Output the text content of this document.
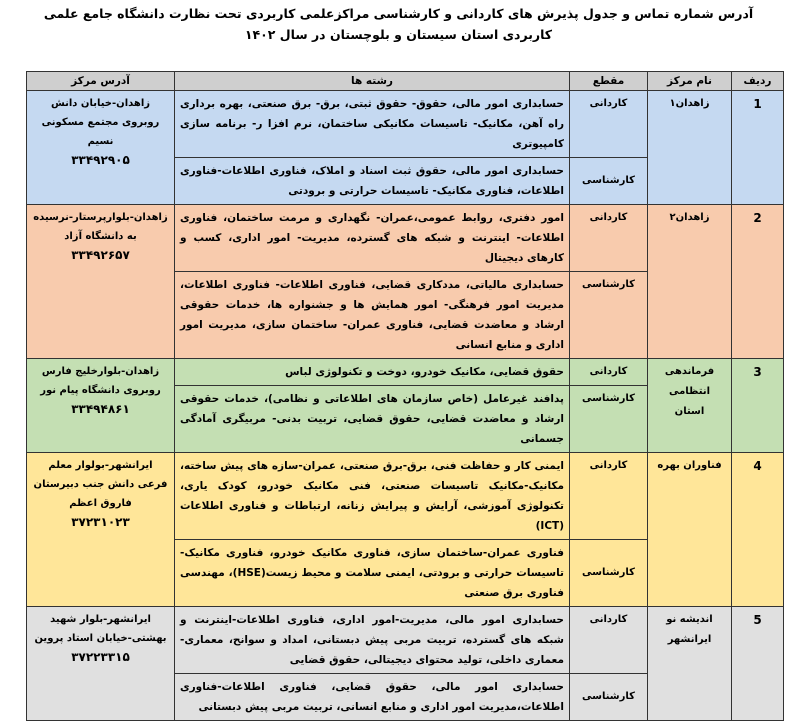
آدرس شماره تماس و جدول پذیرش های کاردانی و کارشناسی مراکزعلمی کاربردی تحت نظارت دانشگاه جامع علمی
کاربردی استان سیستان و بلوچستان در سال ۱۴۰۲
ردیف	نام مرکز	مقطع	رشته ها	آدرس مرکز
1	زاهدان۱	کاردانی	حسابداری امور مالی، حقوق- حقوق ثبتی، برق- برق صنعتی، بهره برداری راه آهن، مکانیک- تاسیسات مکانیکی ساختمان، نرم افزا ر- برنامه سازی کامپیوتری	زاهدان-خیابان دانش روبروی مجتمع مسکونی نسیم
۳۳۴۹۲۹۰۵

		کارشناسی	حسابداری امور مالی، حقوق ثبت اسناد و املاک، فناوری اطلاعات-فناوری اطلاعات، فناوری مکانیک- تاسیسات حرارتی و برودتی	
2	زاهدان۲	کاردانی	امور دفتری، روابط عمومی،عمران- نگهداری و مرمت ساختمان، فناوری اطلاعات- اینترنت و شبکه های گسترده، مدیریت- امور اداری، کسب و کارهای دیجیتال	زاهدان-بلوارپرستار-نرسیده به دانشگاه آزاد
۳۳۴۹۲۶۵۷

		کارشناسی	حسابداری مالیاتی، مددکاری قضایی، فناوری اطلاعات- فناوری اطلاعات، مدیریت امور فرهنگی- امور همایش ها و جشنواره ها، خدمات حقوقی ارشاد و معاضدت قضایی، فناوری عمران- ساختمان سازی، مدیریت امور اداری و منابع انسانی	
3	فرماندهی انتظامی استان	کاردانی	حقوق قضایی، مکانیک خودرو، دوخت و تکنولوژی لباس	زاهدان-بلوارخلیج فارس روبروی دانشگاه پیام نور
۳۳۴۹۴۸۶۱

		کارشناسی	پدافند غیرعامل (خاص سازمان های اطلاعاتی و نظامی)، خدمات حقوقی ارشاد و معاضدت قضایی، حقوق قضایی، تربیت بدنی- مربیگری آمادگی جسمانی	
4	فناوران بهره	کاردانی	ایمنی کار و حفاظت فنی، برق-برق صنعتی، عمران-سازه های پیش ساخته، مکانیک-مکانیک تاسیسات صنعتی، فنی مکانیک خودرو، کودک یاری، تکنولوژی آموزشی، آرایش و پیرایش زنانه، ارتباطات و فناوری اطلاعات (ICT)	ایرانشهر-بولوار معلم فرعی دانش جنب دبیرستان فاروق اعظم
۳۷۲۳۱۰۲۳

		کارشناسی	فناوری عمران-ساختمان سازی، فناوری مکانیک خودرو، فناوری مکانیک-تاسیسات حرارتی و برودتی، ایمنی سلامت و محیط زیست(HSE)، مهندسی فناوری برق صنعتی	
5	اندیشه نو ایرانشهر	کاردانی	حسابداری امور مالی، مدیریت-امور اداری، فناوری اطلاعات-اینترنت و شبکه های گسترده، تربیت مربی پیش دبستانی، امداد و سوانح، معماری-معماری داخلی، تولید محتوای دیجیتالی، حقوق قضایی	ایرانشهر-بلوار شهید بهشتی-خیابان استاد پروین
۳۷۲۲۳۳۱۵

		کارشناسی	حسابداری امور مالی، حقوق قضایی، فناوری اطلاعات-فناوری اطلاعات،مدیریت امور اداری و منابع انسانی، تربیت مربی پیش دبستانی	
